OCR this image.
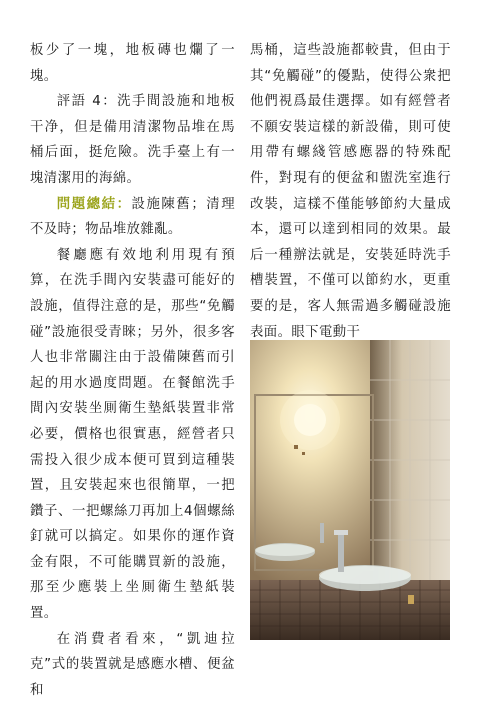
板少了一塊，地板磚也爛了一塊。

評語 4：洗手間設施和地板干净，但是備用清潔物品堆在馬桶后面，挺危險。洗手臺上有一塊清潔用的海綿。

問題總結：設施陳舊；清理不及時；物品堆放雜亂。

餐廳應有效地利用現有預算，在洗手間內安裝盡可能好的設施，值得注意的是，那些“免觸碰”設施很受青睞；另外，很多客人也非常關注由于設備陳舊而引起的用水過度問題。在餐館洗手間內安裝坐厠衛生墊紙裝置非常必要，價格也很實惠，經營者只需投入很少成本便可買到這種裝置，且安裝起來也很簡單，一把鑽子、一把螺絲刀再加上4個螺絲釘就可以搞定。如果你的運作資金有限，不可能購買新的設施，那至少應裝上坐厠衛生墊紙裝置。

在消費者看來，“凱迪拉克”式的裝置就是感應水槽、便盆和

馬桶，這些設施都較貴，但由于其“免觸碰”的優點，使得公衆把他們視爲最佳選擇。如有經營者不願安裝這樣的新設備，則可使用帶有螺綫管感應器的特殊配件，對現有的便盆和盥洗室進行改裝，這樣不僅能够節約大量成本，還可以達到相同的效果。最后一種辦法就是，安裝延時洗手槽裝置，不僅可以節約水，更重要的是，客人無需過多觸碰設施表面。眼下電動干
